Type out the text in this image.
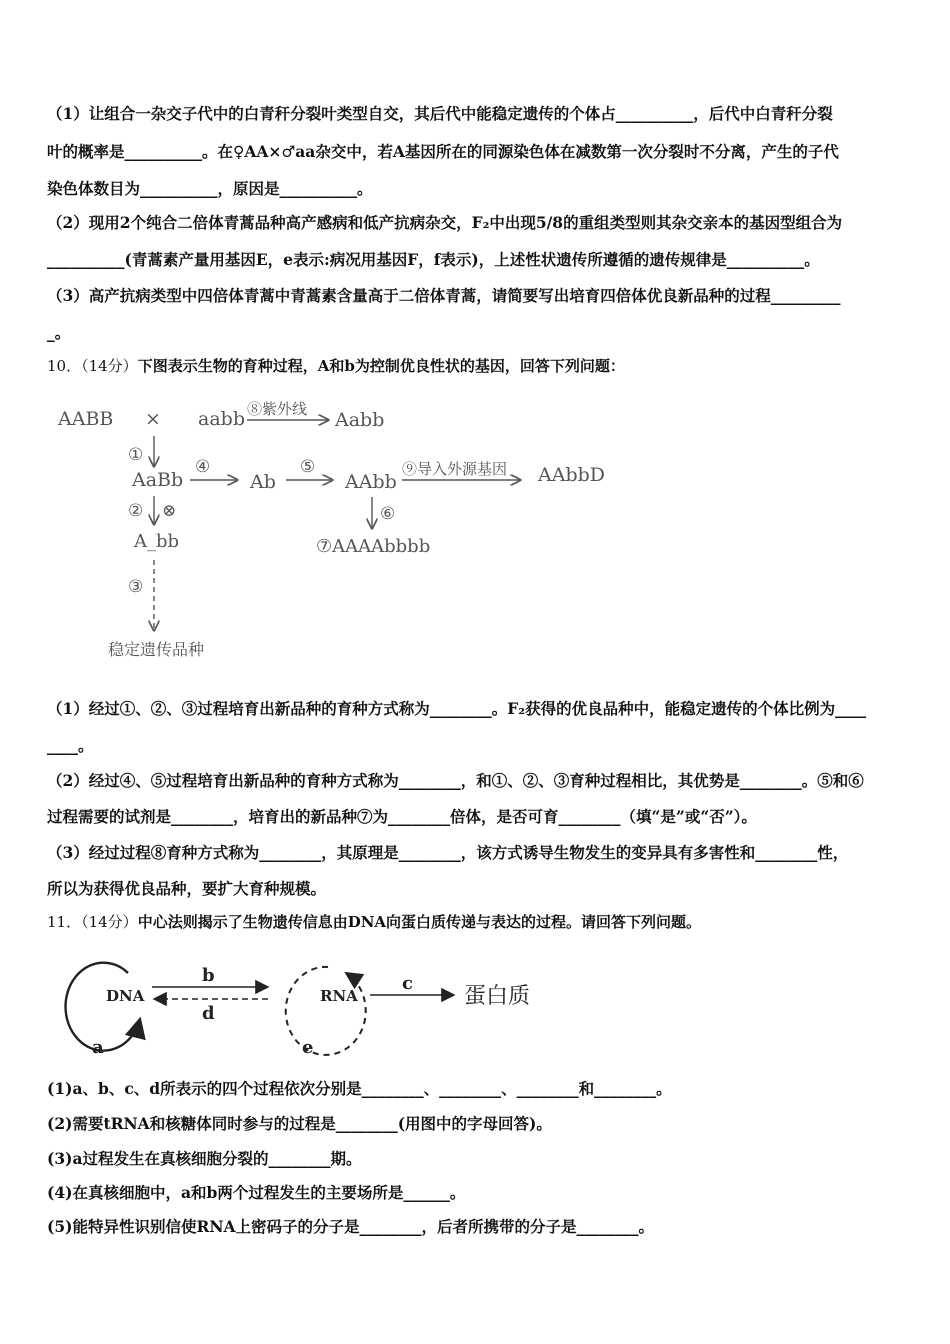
（1）让组合一杂交子代中的白青秆分裂叶类型自交，其后代中能稳定遗传的个体占__________，后代中白青秆分裂
叶的概率是__________。在♀AA×♂aa杂交中，若A基因所在的同源染色体在减数第一次分裂时不分离，产生的子代
染色体数目为__________，原因是__________。
（2）现用2个纯合二倍体青蒿品种高产感病和低产抗病杂交，F₂中出现5/8的重组类型则其杂交亲本的基因型组合为
__________(青蒿素产量用基因E，e表示:病况用基因F，f表示)，上述性状遗传所遵循的遗传规律是__________。
（3）高产抗病类型中四倍体青蒿中青蒿素含量高于二倍体青蒿，请简要写出培育四倍体优良新品种的过程_________
_。
10．（14分）下图表示生物的育种过程，A和b为控制优良性状的基因，回答下列问题：
AABB × aabb ⑧紫外线 Aabb
①
AaBb
④
Ab
⑤
AAbb
⑨导入外源基因 AAbbD
② ⊗	⑥
A_bb	⑦AAAAbbbb
③
稳定遗传品种
（1）经过①、②、③过程培育出新品种的育种方式称为________。F₂获得的优良品种中，能稳定遗传的个体比例为____
____。
（2）经过④、⑤过程培育出新品种的育种方式称为________，和①、②、③育种过程相比，其优势是________。⑤和⑥
过程需要的试剂是________，培育出的新品种⑦为________倍体，是否可育________（填“是”或“否”）。
（3）经过过程⑧育种方式称为________，其原理是________，该方式诱导生物发生的变异具有多害性和________性，
所以为获得优良品种，要扩大育种规模。
11．（14分）中心法则揭示了生物遗传信息由DNA向蛋白质传递与表达的过程。请回答下列问题。
DNA
a
b
d
RNA
e
c
蛋白质
(1)a、b、c、d所表示的四个过程依次分别是________、________、________和________。
(2)需要tRNA和核糖体同时参与的过程是________(用图中的字母回答)。
(3)a过程发生在真核细胞分裂的________期。
(4)在真核细胞中，a和b两个过程发生的主要场所是______。
(5)能特异性识别信使RNA上密码子的分子是________，后者所携带的分子是________。
